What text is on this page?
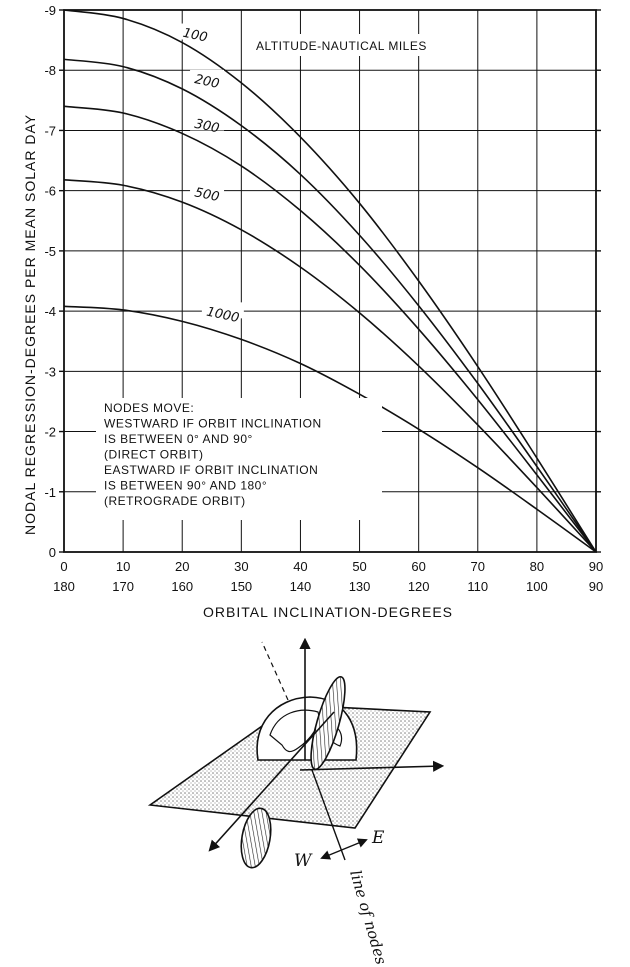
0
-1
-2
-3
-4
-5
-6
-7
-8
-9
0	10	20	30	40	50	60	70	80	90
180	170	160	150	140	130	120	110	100	90
100
200
300
500
1000
ALTITUDE-NAUTICAL MILES
NODES MOVE:
WESTWARD IF ORBIT INCLINATION
IS BETWEEN 0° AND 90°
(DIRECT ORBIT)
EASTWARD IF ORBIT INCLINATION
IS BETWEEN 90° AND 180°
(RETROGRADE ORBIT)
NODAL REGRESSION-DEGREES PER MEAN SOLAR DAY
ORBITAL INCLINATION-DEGREES
W
E
line of nodes
